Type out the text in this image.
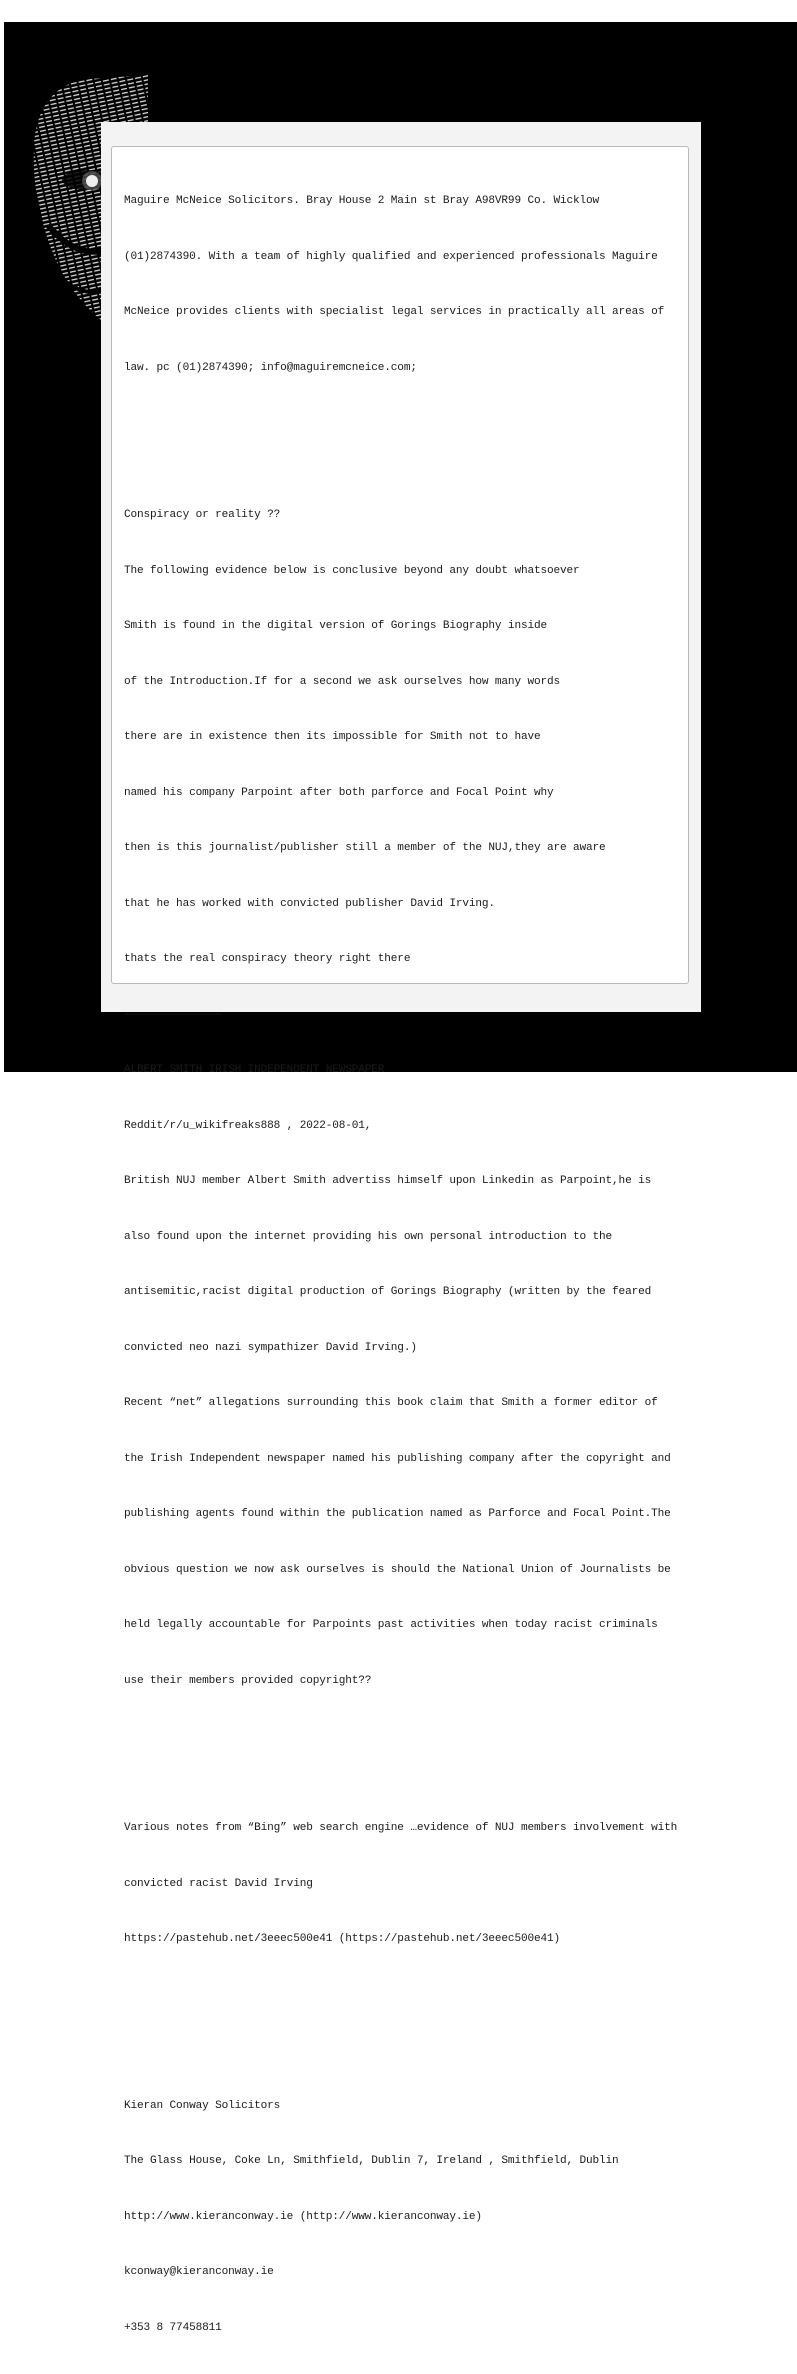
Maguire McNeice Solicitors. Bray House 2 Main st Bray A98VR99 Co. Wicklow

(01)2874390. With a team of highly qualified and experienced professionals Maguire

McNeice provides clients with specialist legal services in practically all areas of

law. pc (01)2874390; info@maguiremcneice.com;

Conspiracy or reality ??

The following evidence below is conclusive beyond any doubt whatsoever

Smith is found in the digital version of Gorings Biography inside

of the Introduction.If for a second we ask ourselves how many words

there are in existence then its impossible for Smith not to have

named his company Parpoint after both parforce and Focal Point why

then is this journalist/publisher still a member of the NUJ,they are aware

that he has worked with convicted publisher David Irving.

thats the real conspiracy theory right there

———————————————

ALBERT SMITH IRISH INDEPENDENT NEWSPAPER

Reddit/r/u_wikifreaks888 , 2022-08-01,

British NUJ member Albert Smith advertiss himself upon Linkedin as Parpoint,he is

also found upon the internet providing his own personal introduction to the

antisemitic,racist digital production of Gorings Biography (written by the feared

convicted neo nazi sympathizer David Irving.)

Recent “net” allegations surrounding this book claim that Smith a former editor of

the Irish Independent newspaper named his publishing company after the copyright and

publishing agents found within the publication named as Parforce and Focal Point.The

obvious question we now ask ourselves is should the National Union of Journalists be

held legally accountable for Parpoints past activities when today racist criminals

use their members provided copyright??

Various notes from “Bing” web search engine …evidence of NUJ members involvement with

convicted racist David Irving

https://pastehub.net/3eeec500e41 (https://pastehub.net/3eeec500e41)

Kieran Conway Solicitors

The Glass House, Coke Ln, Smithfield, Dublin 7, Ireland , Smithfield, Dublin

http://www.kieranconway.ie (http://www.kieranconway.ie)

kconway@kieranconway.ie

+353 8 77458811
